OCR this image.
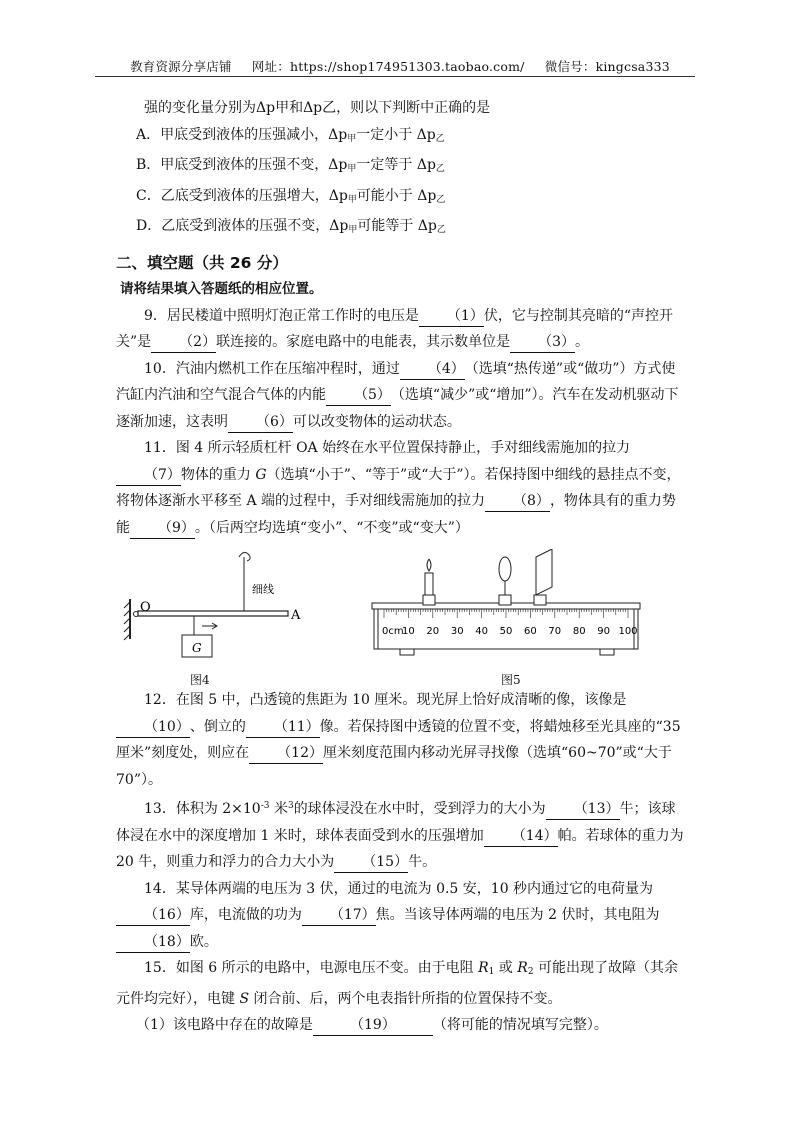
教育资源分享店铺 网址：https://shop174951303.taobao.com/ 微信号：kingcsa333

强的变化量分别为Δp甲和Δp乙，则以下判断中正确的是

A．甲底受到液体的压强减小，$\Delta p_甲$一定小于 $\Delta p_乙$

B．甲底受到液体的压强不变，$\Delta p_甲$一定等于 $\Delta p_乙$

C．乙底受到液体的压强增大，$\Delta p_甲$可能小于 $\Delta p_乙$

D．乙底受到液体的压强不变，$\Delta p_甲$可能等于 $\Delta p_乙$

二、填空题（共 26 分）

请将结果填入答题纸的相应位置。

9．居民楼道中照明灯泡正常工作时的电压是 （1）伏，它与控制其亮暗的“声控开关”是 （2）联连接的。家庭电路中的电能表，其示数单位是 （3）。

10．汽油内燃机工作在压缩冲程时，通过 （4）（选填“热传递”或“做功”）方式使汽缸内汽油和空气混合气体的内能 （5）（选填“减少”或“增加”）。汽车在发动机驱动下逐渐加速，这表明 （6）可以改变物体的运动状态。

11．图 4 所示轻质杠杆 OA 始终在水平位置保持静止，手对细线需施加的拉力（7）物体的重力 G（选填“小于”、“等于”或“大于”）。若保持图中细线的悬挂点不变，将物体逐渐水平移至 A 端的过程中，手对细线需施加的拉力 （8），物体具有的重力势能 （9）。（后两空均选填“变小”、“不变”或“变大”）

O
A
G
细线
0cm
10 20 30 40 50 60 70 80 90 100
图4	图5

12．在图 5 中，凸透镜的焦距为 10 厘米。现光屏上恰好成清晰的像，该像是（10）、倒立的 （11）像。若保持图中透镜的位置不变，将蜡烛移至光具座的“35 厘米”刻度处，则应在 （12）厘米刻度范围内移动光屏寻找像（选填“60~70”或“大于 70”）。

13．体积为 $2\times 10^{-3}$ 米$^3$的球体浸没在水中时，受到浮力的大小为 （13）牛；该球体浸在水中的深度增加 1 米时，球体表面受到水的压强增加 （14）帕。若球体的重力为 20 牛，则重力和浮力的合力大小为 （15）牛。

14．某导体两端的电压为 3 伏，通过的电流为 0.5 安，10 秒内通过它的电荷量为（16）库，电流做的功为 （17）焦。当该导体两端的电压为 2 伏时，其电阻为（18）欧。

15．如图 6 所示的电路中，电源电压不变。由于电阻 $R_1$ 或 $R_2$ 可能出现了故障（其余元件均完好），电键 S 闭合前、后，两个电表指针所指的位置保持不变。

（1）该电路中存在的故障是	（19）	（将可能的情况填写完整）。
